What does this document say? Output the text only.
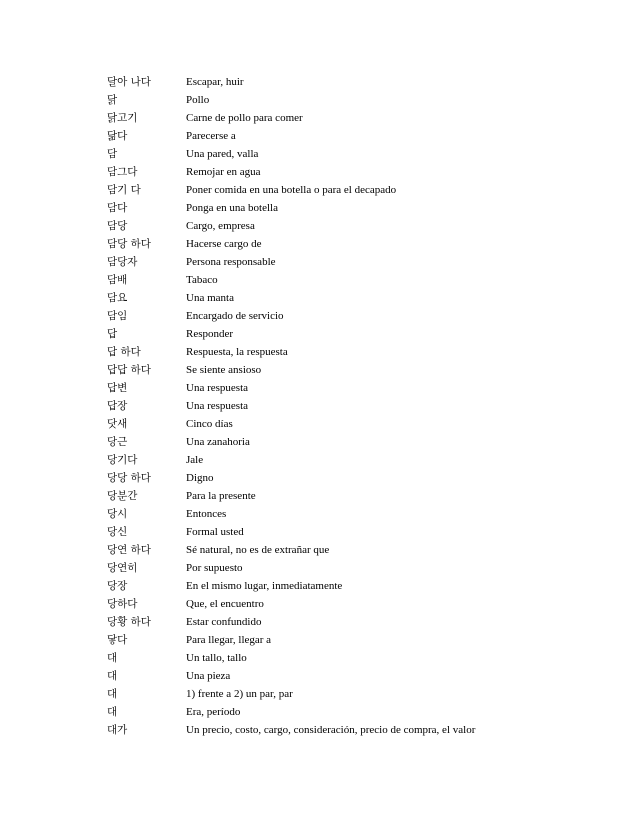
달아 나다	Escapar, huir
닭	Pollo
닭고기	Carne de pollo para comer
닮다	Parecerse a
담	Una pared, valla
담그다	Remojar en agua
담기 다	Poner comida en una botella o para el decapado
담다	Ponga en una botella
담당	Cargo, empresa
담당 하다	Hacerse cargo de
담당자	Persona responsable
담배	Tabaco
담요	Una manta
담임	Encargado de servicio
답	Responder
답 하다	Respuesta, la respuesta
답답 하다	Se siente ansioso
답변	Una respuesta
답장	Una respuesta
닷새	Cinco días
당근	Una zanahoria
당기다	Jale
당당 하다	Digno
당분간	Para la presente
당시	Entonces
당신	Formal usted
당연 하다	Sé natural, no es de extrañar que
당연히	Por supuesto
당장	En el mismo lugar, inmediatamente
당하다	Que, el encuentro
당황 하다	Estar confundido
닿다	Para llegar, llegar a
대	Un tallo, tallo
대	Una pieza
대	1) frente a 2) un par, par
대	Era, período
대가	Un precio, costo, cargo, consideración, precio de compra, el valor
